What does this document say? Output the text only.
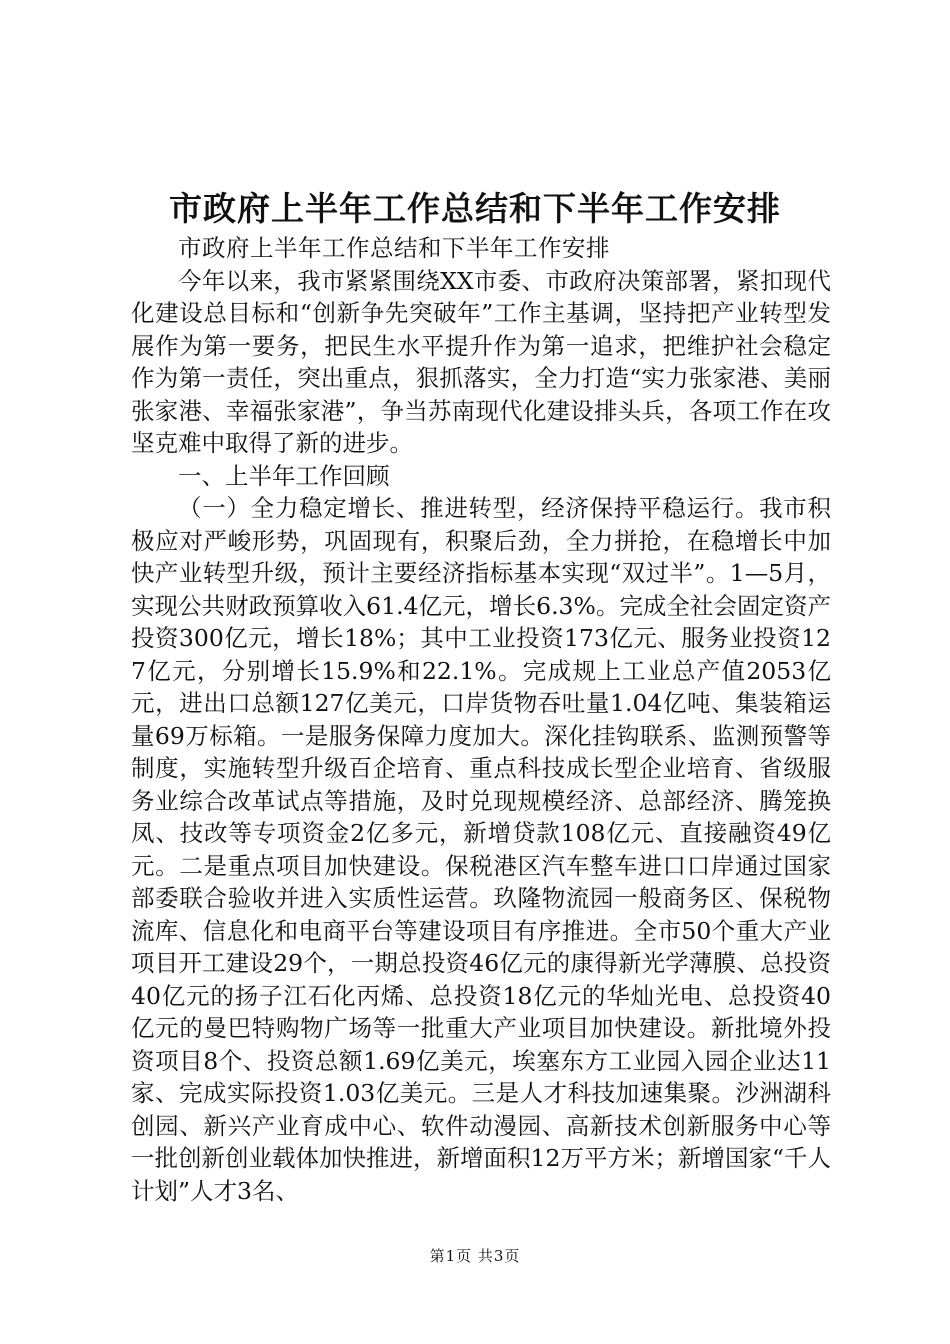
市政府上半年工作总结和下半年工作安排

市政府上半年工作总结和下半年工作安排

今年以来，我市紧紧围绕XX市委、市政府决策部署，紧扣现代化建设总目标和“创新争先突破年”工作主基调，坚持把产业转型发展作为第一要务，把民生水平提升作为第一追求，把维护社会稳定作为第一责任，突出重点，狠抓落实，全力打造“实力张家港、美丽张家港、幸福张家港”，争当苏南现代化建设排头兵，各项工作在攻坚克难中取得了新的进步。

一、上半年工作回顾

（一）全力稳定增长、推进转型，经济保持平稳运行。我市积极应对严峻形势，巩固现有，积聚后劲，全力拼抢，在稳增长中加快产业转型升级，预计主要经济指标基本实现“双过半”。1—5月，实现公共财政预算收入61.4亿元，增长6.3%。完成全社会固定资产投资300亿元，增长18%；其中工业投资173亿元、服务业投资127亿元，分别增长15.9%和22.1%。完成规上工业总产值2053亿元，进出口总额127亿美元，口岸货物吞吐量1.04亿吨、集装箱运量69万标箱。一是服务保障力度加大。深化挂钩联系、监测预警等制度，实施转型升级百企培育、重点科技成长型企业培育、省级服务业综合改革试点等措施，及时兑现规模经济、总部经济、腾笼换凤、技改等专项资金2亿多元，新增贷款108亿元、直接融资49亿元。二是重点项目加快建设。保税港区汽车整车进口口岸通过国家部委联合验收并进入实质性运营。玖隆物流园一般商务区、保税物流库、信息化和电商平台等建设项目有序推进。全市50个重大产业项目开工建设29个，一期总投资46亿元的康得新光学薄膜、总投资40亿元的扬子江石化丙烯、总投资18亿元的华灿光电、总投资40亿元的曼巴特购物广场等一批重大产业项目加快建设。新批境外投资项目8个、投资总额1.69亿美元，埃塞东方工业园入园企业达11家、完成实际投资1.03亿美元。三是人才科技加速集聚。沙洲湖科创园、新兴产业育成中心、软件动漫园、高新技术创新服务中心等一批创新创业载体加快推进，新增面积12万平方米；新增国家“千人计划”人才3名、

第1页 共3页
